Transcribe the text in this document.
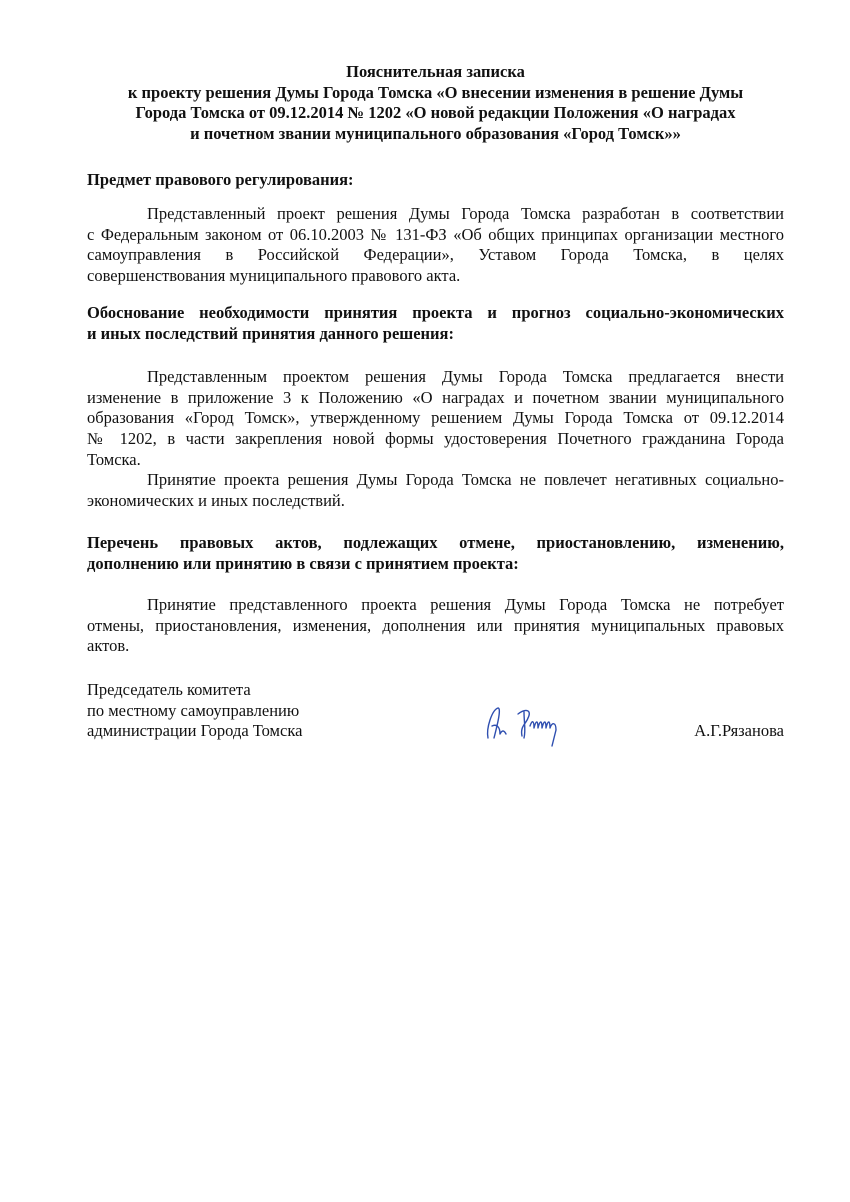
Пояснительная записка
к проекту решения Думы Города Томска «О внесении изменения в решение Думы
Города Томска от 09.12.2014 № 1202 «О новой редакции Положения «О наградах
и почетном звании муниципального образования «Город Томск»»
Предмет правового регулирования:
Представленный проект решения Думы Города Томска разработан в соответствии
с Федеральным законом от 06.10.2003 № 131-ФЗ «Об общих принципах организации местного
самоуправления в Российской Федерации», Уставом Города Томска, в целях
совершенствования муниципального правового акта.
Обоснование необходимости принятия проекта и прогноз социально-экономических
и иных последствий принятия данного решения:
Представленным проектом решения Думы Города Томска предлагается внести
изменение в приложение 3 к Положению «О наградах и почетном звании муниципального
образования «Город Томск», утвержденному решением Думы Города Томска от 09.12.2014
№ 1202, в части закрепления новой формы удостоверения Почетного гражданина Города
Томска.
Принятие проекта решения Думы Города Томска не повлечет негативных социально-
экономических и иных последствий.
Перечень правовых актов, подлежащих отмене, приостановлению, изменению,
дополнению или принятию в связи с принятием проекта:
Принятие представленного проекта решения Думы Города Томска не потребует
отмены, приостановления, изменения, дополнения или принятия муниципальных правовых
актов.
Председатель комитета
по местному самоуправлению
администрации Города Томска	А.Г.Рязанова
